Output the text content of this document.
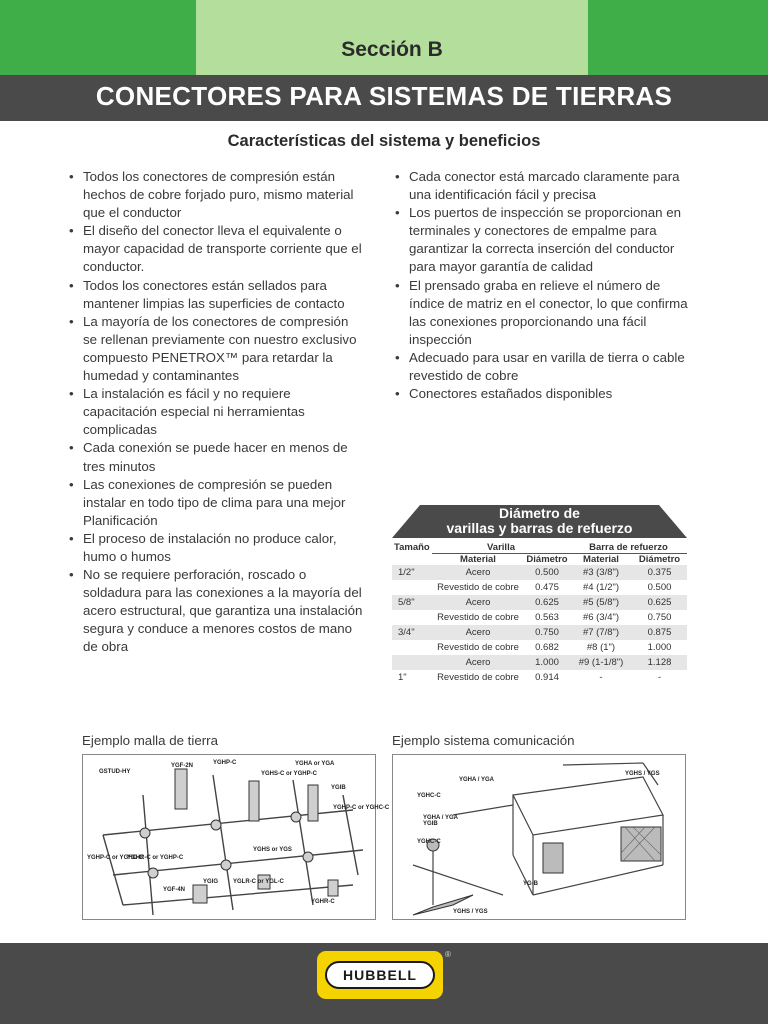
Sección B
CONECTORES PARA SISTEMAS DE TIERRAS
Características del sistema y beneficios
• Todos los conectores de compresión están hechos de cobre forjado puro, mismo material que el conductor
• El diseño del conector lleva el equivalente o mayor capacidad de transporte corriente que el conductor.
• Todos los conectores están sellados para mantener limpias las superficies de contacto
• La mayoría de los conectores de compresión se rellenan previamente con nuestro exclusivo compuesto PENETROX™ para retardar la humedad y contaminantes
• La instalación es fácil y no requiere capacitación especial ni herramientas complicadas
• Cada conexión se puede hacer en menos de tres minutos
• Las conexiones de compresión se pueden instalar en todo tipo de clima para una mejor Planificación
• El proceso de instalación no produce calor, humo o humos
• No se requiere perforación, roscado o soldadura para las conexiones a la mayoría del acero estructural, que garantiza una instalación segura y conduce a menores costos de mano de obra
• Cada conector está marcado claramente para una identificación fácil y precisa
• Los puertos de inspección se proporcionan en terminales y conectores de empalme para garantizar la correcta inserción del conductor para mayor garantía de calidad
• El prensado graba en relieve el número de índice de matriz en el conector, lo que confirma las conexiones proporcionando una fácil inspección
• Adecuado para usar en varilla de tierra o cable revestido de cobre
• Conectores estañados disponibles
Diámetro de
varillas y barras de refuerzo
Tamaño	Varilla		Barra de refuerzo	
	Material	Diámetro	Material	Diámetro
1/2"	Acero	0.500	#3 (3/8")	0.375
	Revestido de cobre	0.475	#4 (1/2")	0.500
5/8"	Acero	0.625	#5 (5/8")	0.625
	Revestido de cobre	0.563	#6 (3/4")	0.750
3/4"	Acero	0.750	#7 (7/8")	0.875
	Revestido de cobre	0.682	#8 (1")	1.000
	Acero	1.000	#9 (1-1/8")	1.128
1"	Revestido de cobre	0.914	-	-
Ejemplo malla de tierra	Ejemplo sistema comunicación
GSTUD-HY
YGF-2N	YGHP-C	YGHA or YGA
YGHS-C or YGHP-C
YGIB
YGHP-C or YGHC-C
YGHP-C or YGHC-C
YGHR-C or YGHP-C
YGHS or YGS
YGF-4N
YGIG YGLR-C or YGL-C
YGHR-C
YGHA / YGA
YGHS / YGS
YGHC-C
YGHA / YGA YGIB
YGHC-C
YG-B
YGHS / YGS
HUBBELL
®
